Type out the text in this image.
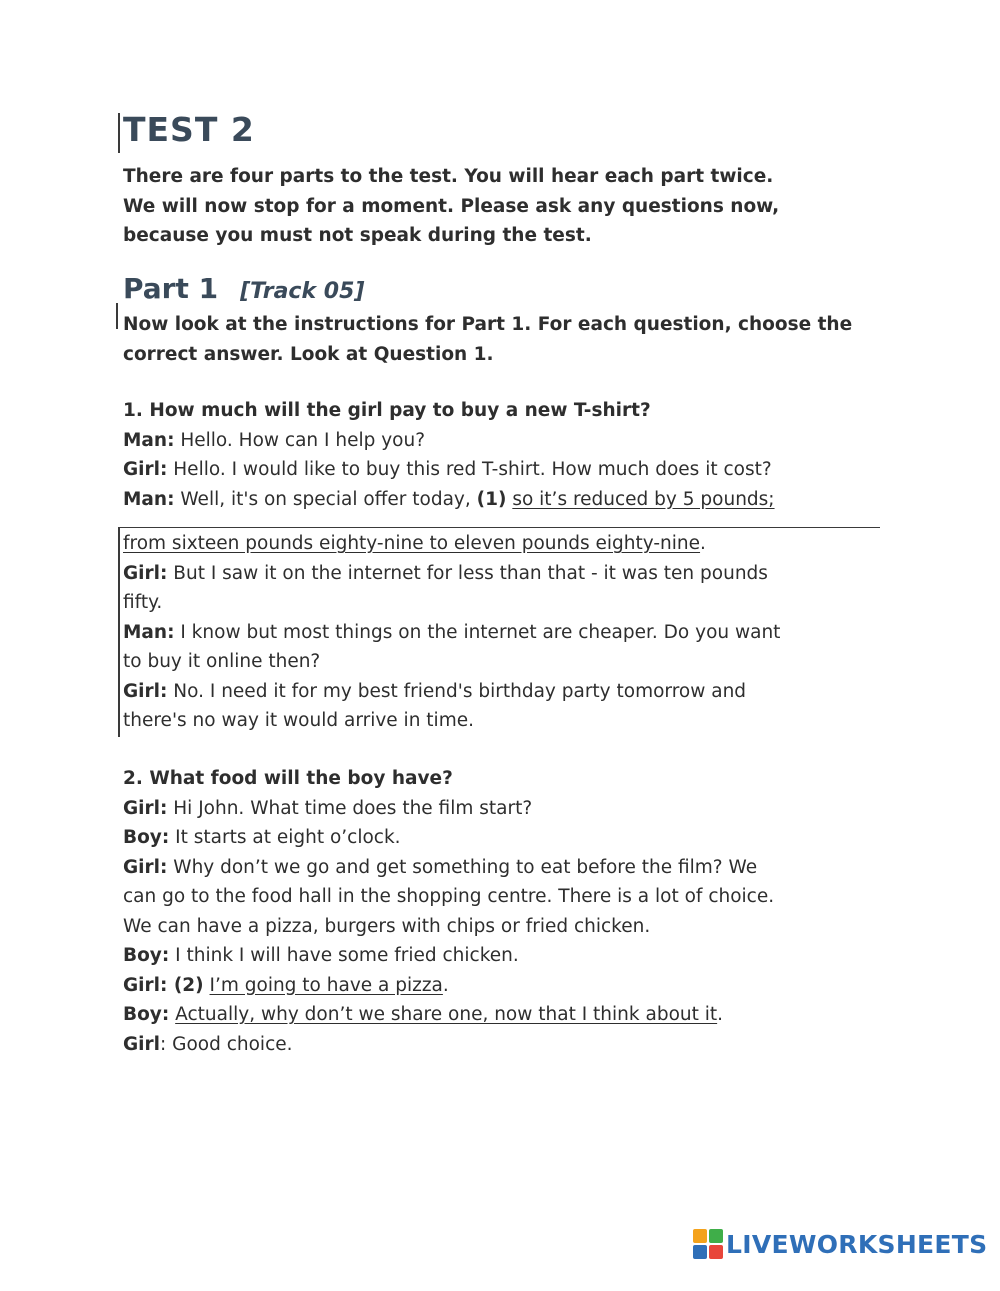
TEST 2
There are four parts to the test. You will hear each part twice.
We will now stop for a moment. Please ask any questions now,
because you must not speak during the test.
Part 1 [Track 05]
Now look at the instructions for Part 1. For each question, choose the
correct answer. Look at Question 1.
1. How much will the girl pay to buy a new T-shirt?
Man: Hello. How can I help you?
Girl: Hello. I would like to buy this red T-shirt. How much does it cost?
Man: Well, it's on special offer today, (1) so it’s reduced by 5 pounds;
from sixteen pounds eighty-nine to eleven pounds eighty-nine.
Girl: But I saw it on the internet for less than that - it was ten pounds
fifty.
Man: I know but most things on the internet are cheaper. Do you want
to buy it online then?
Girl: No. I need it for my best friend's birthday party tomorrow and
there's no way it would arrive in time.
2. What food will the boy have?
Girl: Hi John. What time does the film start?
Boy: It starts at eight o’clock.
Girl: Why don’t we go and get something to eat before the film? We
can go to the food hall in the shopping centre. There is a lot of choice.
We can have a pizza, burgers with chips or fried chicken.
Boy: I think I will have some fried chicken.
Girl: (2) I’m going to have a pizza.
Boy: Actually, why don’t we share one, now that I think about it.
Girl: Good choice.
LIVEWORKSHEETS
